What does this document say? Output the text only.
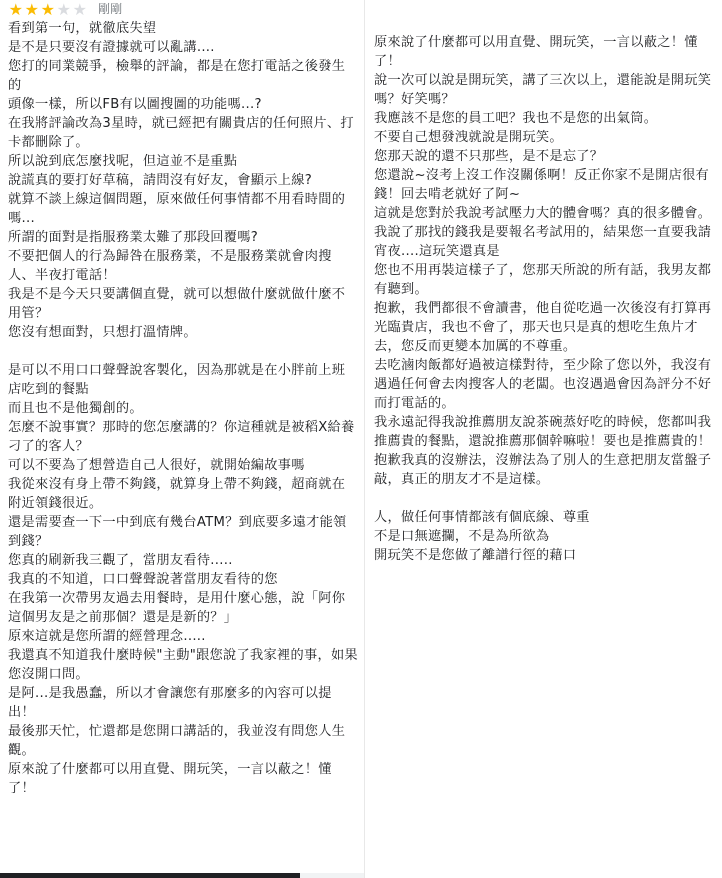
★ ★ ★ ★ ★ 剛剛
看到第一句，就徹底失望
是不是只要沒有證據就可以亂講....
您打的同業競爭，檢舉的評論，都是在您打電話之後發生的
頭像一樣，所以FB有以圖搜圖的功能嗎...?
在我將評論改為3星時，就已經把有關貴店的任何照片、打卡都刪除了。
所以說到底怎麼找呢，但這並不是重點
說謊真的要打好草稿，請問沒有好友，會顯示上線?
就算不談上線這個問題，原來做任何事情都不用看時間的嗎...
所謂的面對是指服務業太難了那段回覆嗎?
不要把個人的行為歸咎在服務業，不是服務業就會肉搜人、半夜打電話！
我是不是今天只要講個直覺，就可以想做什麼就做什麼不用管？
您沒有想面對，只想打溫情牌。
是可以不用口口聲聲說客製化，因為那就是在小胖前上班店吃到的餐點
而且也不是他獨創的。
怎麼不說事實？那時的您怎麼講的？你這種就是被稻X給養刁了的客人？
可以不要為了想營造自己人很好，就開始編故事嗎
我從來沒有身上帶不夠錢，就算身上帶不夠錢，超商就在附近領錢很近。
還是需要查一下一中到底有幾台ATM？到底要多遠才能領到錢？
您真的刷新我三觀了，當朋友看待.....
我真的不知道，口口聲聲說著當朋友看待的您
在我第一次帶男友過去用餐時，是用什麼心態，說「阿你這個男友是之前那個？還是是新的？」
原來這就是您所謂的經營理念.....
我還真不知道我什麼時候"主動"跟您說了我家裡的事，如果您沒開口問。
是阿...是我愚蠢，所以才會讓您有那麼多的內容可以提出！
最後那天忙，忙還都是您開口講話的，我並沒有問您人生觀。
原來說了什麼都可以用直覺、開玩笑，一言以蔽之！懂了！
原來說了什麼都可以用直覺、開玩笑，一言以蔽之！懂了！
說一次可以說是開玩笑，講了三次以上，還能說是開玩笑嗎？好笑嗎？
我應該不是您的員工吧？我也不是您的出氣筒。
不要自己想發洩就說是開玩笑。
您那天說的還不只那些，是不是忘了？
您還說~沒考上沒工作沒關係啊！反正你家不是開店很有錢！回去啃老就好了阿~
這就是您對於我說考試壓力大的體會嗎？真的很多體會。
我說了那找的錢我是要報名考試用的，結果您一直要我請宵夜....這玩笑還真是
您也不用再裝這樣子了，您那天所說的所有話，我男友都有聽到。
抱歉，我們都很不會讀書，他自從吃過一次後沒有打算再光臨貴店，我也不會了，那天也只是真的想吃生魚片才去，您反而更變本加厲的不尊重。
去吃滷肉飯都好過被這樣對待，至少除了您以外，我沒有遇過任何會去肉搜客人的老闆。也沒遇過會因為評分不好而打電話的。
我永遠記得我說推薦朋友說茶碗蒸好吃的時候，您都叫我推薦貴的餐點，還說推薦那個幹嘛啦！要也是推薦貴的！
抱歉我真的沒辦法，沒辦法為了別人的生意把朋友當盤子敲，真正的朋友才不是這樣。
人，做任何事情都該有個底線、尊重
不是口無遮攔，不是為所欲為
開玩笑不是您做了離譜行徑的藉口
